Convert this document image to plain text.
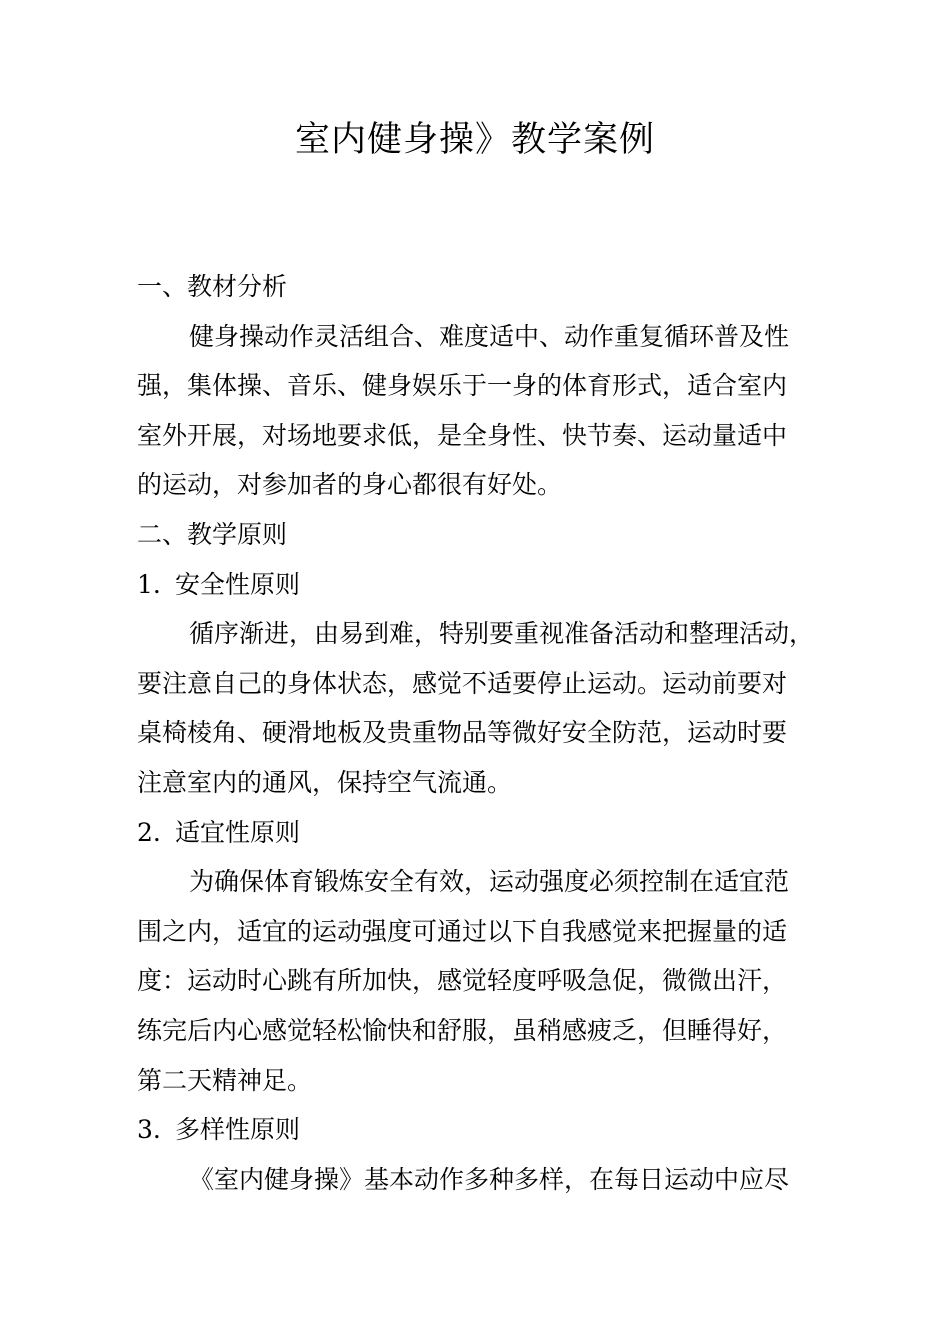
室内健身操》教学案例
一、教材分析
健身操动作灵活组合、难度适中、动作重复循环普及性
强，集体操、音乐、健身娱乐于一身的体育形式，适合室内
室外开展，对场地要求低，是全身性、快节奏、运动量适中
的运动，对参加者的身心都很有好处。
二、教学原则
1. 安全性原则
循序渐进，由易到难，特别要重视准备活动和整理活动，
要注意自己的身体状态，感觉不适要停止运动。运动前要对
桌椅棱角、硬滑地板及贵重物品等微好安全防范，运动时要
注意室内的通风，保持空气流通。
2. 适宜性原则
为确保体育锻炼安全有效，运动强度必须控制在适宜范
围之内，适宜的运动强度可通过以下自我感觉来把握量的适
度：运动时心跳有所加快，感觉轻度呼吸急促，微微出汗，
练完后内心感觉轻松愉快和舒服，虽稍感疲乏，但睡得好，
第二天精神足。
3. 多样性原则
《室内健身操》基本动作多种多样，在每日运动中应尽
